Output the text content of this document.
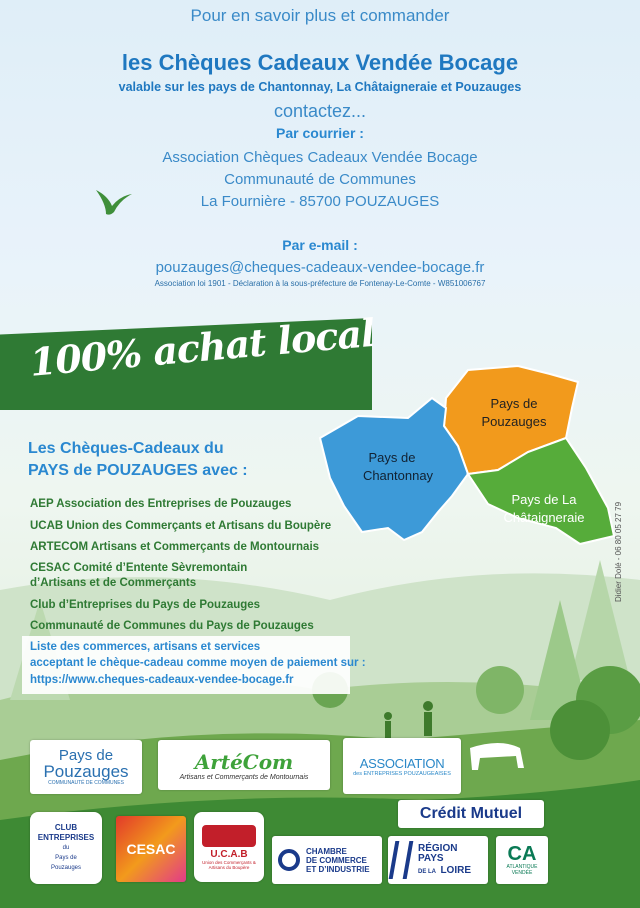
Pour en savoir plus et commander
les Chèques Cadeaux Vendée Bocage
valable sur les pays de Chantonnay, La Châtaigneraie et Pouzauges
contactez...
Par courrier :
Association Chèques Cadeaux Vendée Bocage
Communauté de Communes
La Fournière - 85700 POUZAUGES
Par e-mail :
pouzauges@cheques-cadeaux-vendee-bocage.fr
Association loi 1901 - Déclaration à la sous-préfecture de Fontenay-Le-Comte - W851006767
100% achat local
Pays de
Chantonnay
Pays de
Pouzauges
Pays de La
Châtaigneraie
Les Chèques-Cadeaux du
PAYS de POUZAUGES avec :
AEP Association des Entreprises de Pouzauges
UCAB Union des Commerçants et Artisans du Boupère
ARTECOM Artisans et Commerçants de Montournais
CESAC Comité d’Entente Sèvremontain
d’Artisans et de Commerçants
Club d’Entreprises du Pays de Pouzauges
Communauté de Communes du Pays de Pouzauges
Liste des commerces, artisans et services
acceptant le chèque-cadeau comme moyen de paiement sur :
https://www.cheques-cadeaux-vendee-bocage.fr
Didier Dolé - 06 80 05 27 79
Pays de
Pouzauges
COMMUNAUTÉ DE COMMUNES
ArtéCom
Artisans et Commerçants de Montournais
ASSOCIATION
des ENTREPRISES POUZAUGEAISES
Crédit Mutuel
CLUB
ENTREPRISES
du
Pays de
Pouzauges
CESAC	U.C.A.B
Union des Commerçants & Artisans du Boupère
CHAMBRE
DE COMMERCE
ET D’INDUSTRIE
RÉGION
PAYS
DE LA LOIRE
CA
ATLANTIQUE
VENDÉE
